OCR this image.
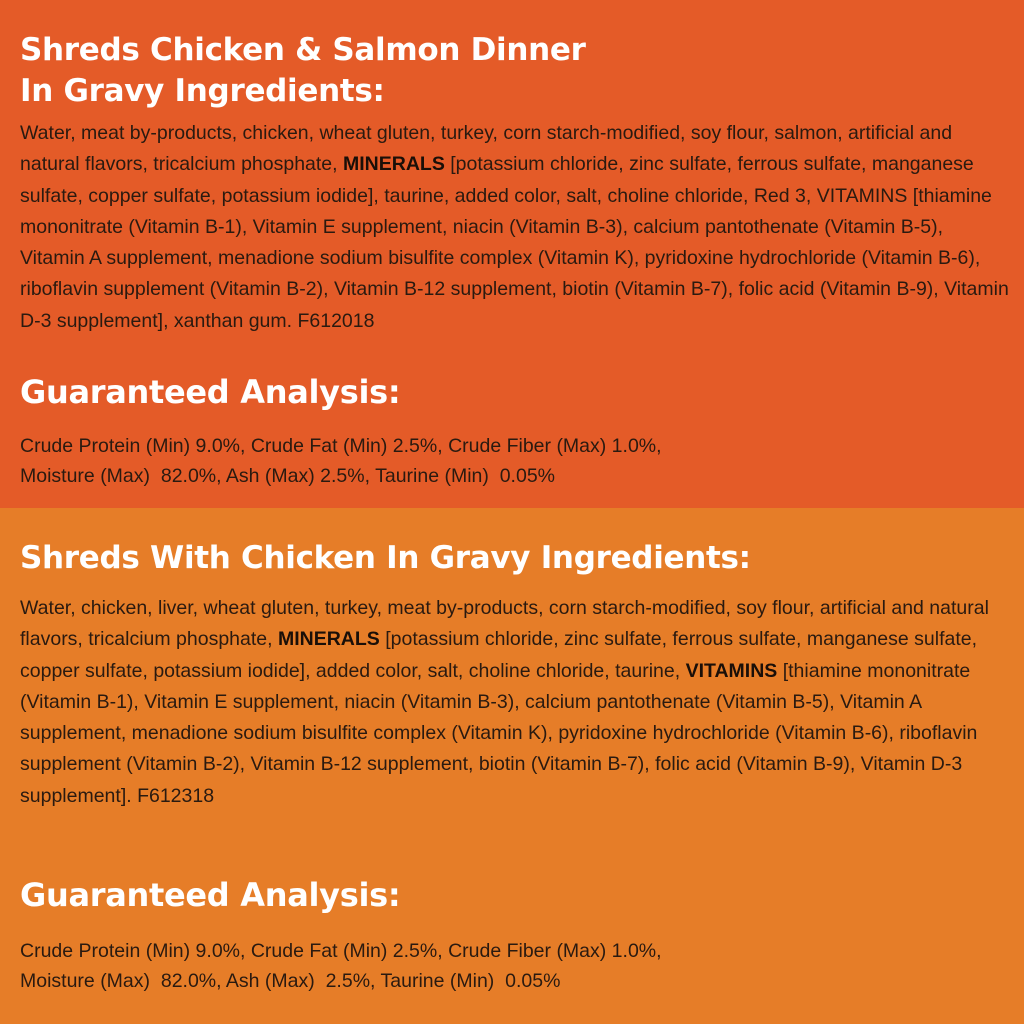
Shreds Chicken & Salmon Dinner
In Gravy Ingredients:

Water, meat by-products, chicken, wheat gluten, turkey, corn starch-modified, soy flour, salmon, artificial and natural flavors, tricalcium phosphate, MINERALS [potassium chloride, zinc sulfate, ferrous sulfate, manganese sulfate, copper sulfate, potassium iodide], taurine, added color, salt, choline chloride, Red 3, VITAMINS [thiamine mononitrate (Vitamin B-1), Vitamin E supplement, niacin (Vitamin B-3), calcium pantothenate (Vitamin B-5), Vitamin A supplement, menadione sodium bisulfite complex (Vitamin K), pyridoxine hydrochloride (Vitamin B-6), riboflavin supplement (Vitamin B-2), Vitamin B-12 supplement, biotin (Vitamin B-7), folic acid (Vitamin B-9), Vitamin D-3 supplement], xanthan gum. F612018

Guaranteed Analysis:
Crude Protein (Min) 9.0%, Crude Fat (Min) 2.5%, Crude Fiber (Max) 1.0%,
Moisture (Max)  82.0%, Ash (Max) 2.5%, Taurine (Min)  0.05%
Shreds With Chicken In Gravy Ingredients:

Water, chicken, liver, wheat gluten, turkey, meat by-products, corn starch-modified, soy flour, artificial and natural flavors, tricalcium phosphate, MINERALS [potassium chloride, zinc sulfate, ferrous sulfate, manganese sulfate, copper sulfate, potassium iodide], added color, salt, choline chloride, taurine, VITAMINS [thiamine mononitrate (Vitamin B-1), Vitamin E supplement, niacin (Vitamin B-3), calcium pantothenate (Vitamin B-5), Vitamin A supplement, menadione sodium bisulfite complex (Vitamin K), pyridoxine hydrochloride (Vitamin B-6), riboflavin supplement (Vitamin B-2), Vitamin B-12 supplement, biotin (Vitamin B-7), folic acid (Vitamin B-9), Vitamin D-3 supplement]. F612318

Guaranteed Analysis:
Crude Protein (Min) 9.0%, Crude Fat (Min) 2.5%, Crude Fiber (Max) 1.0%,
Moisture (Max)  82.0%, Ash (Max)  2.5%, Taurine (Min)  0.05%
